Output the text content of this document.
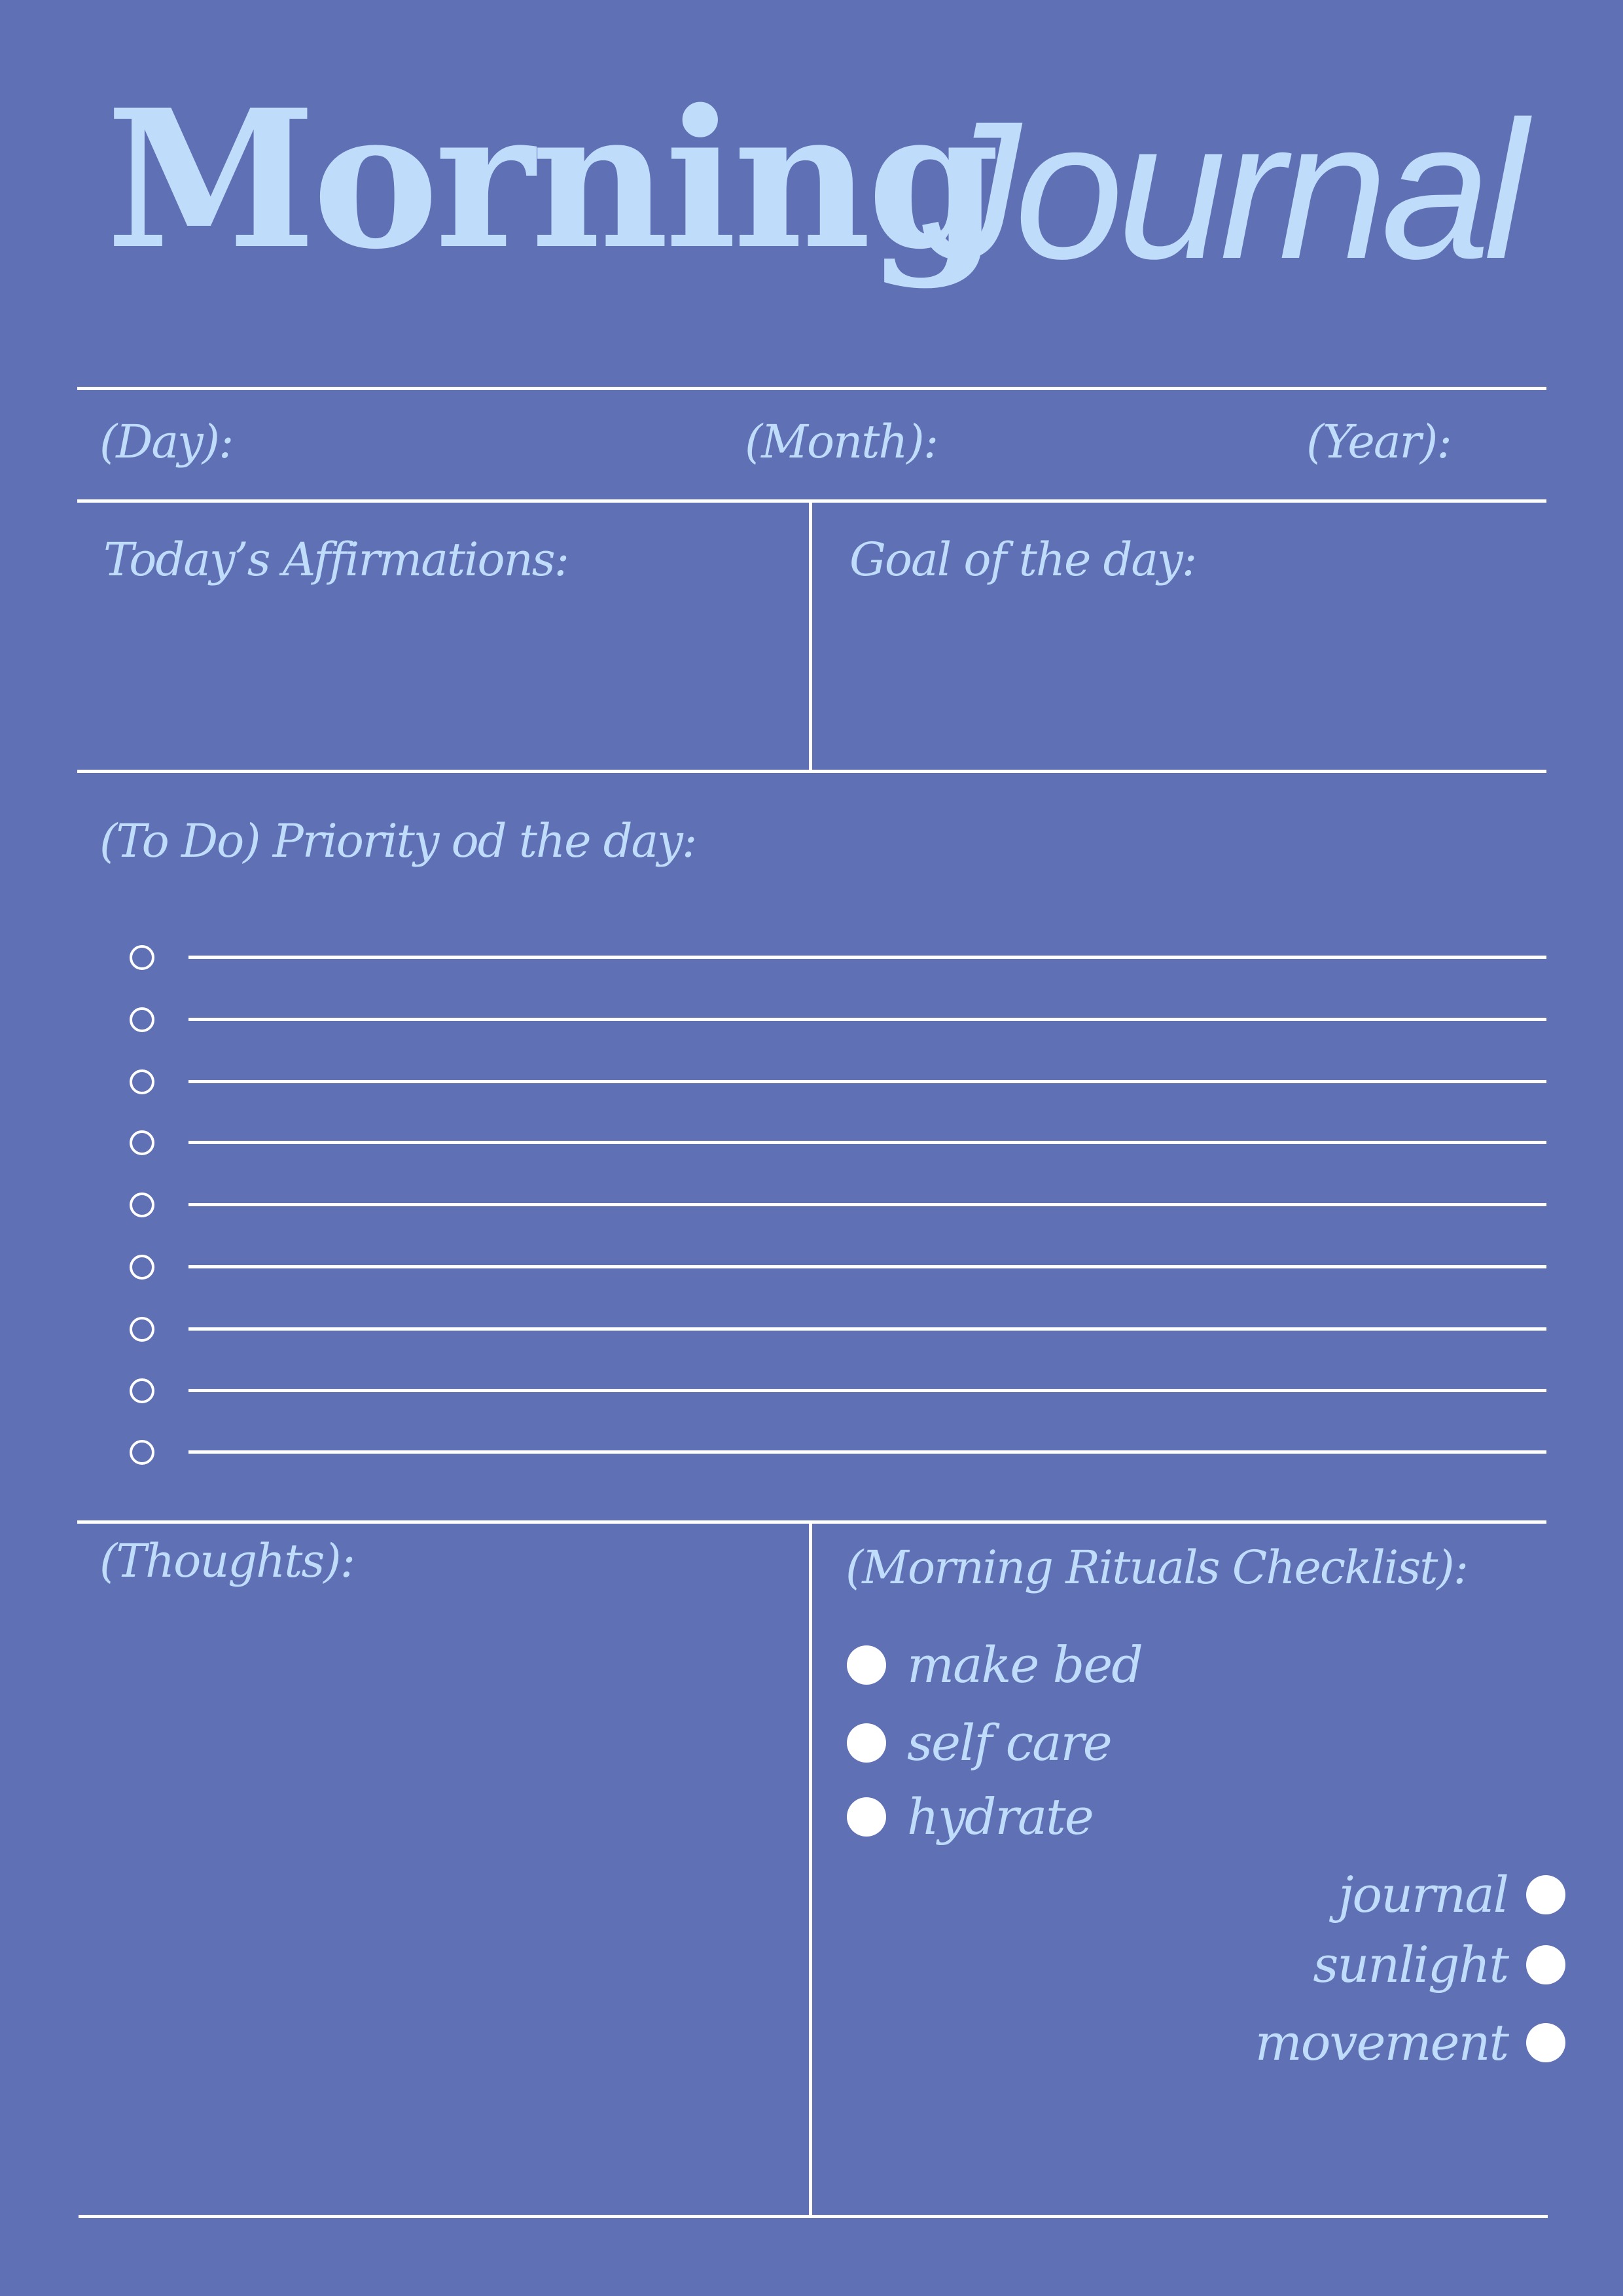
Morning
Journal
(Day):	(Month):	(Year):
Today’s Affirmations:	Goal of the day:
(To Do) Priority od the day:
(Thoughts):	(Morning Rituals Checklist):
make bed
self care
hydrate
journal
sunlight
movement
